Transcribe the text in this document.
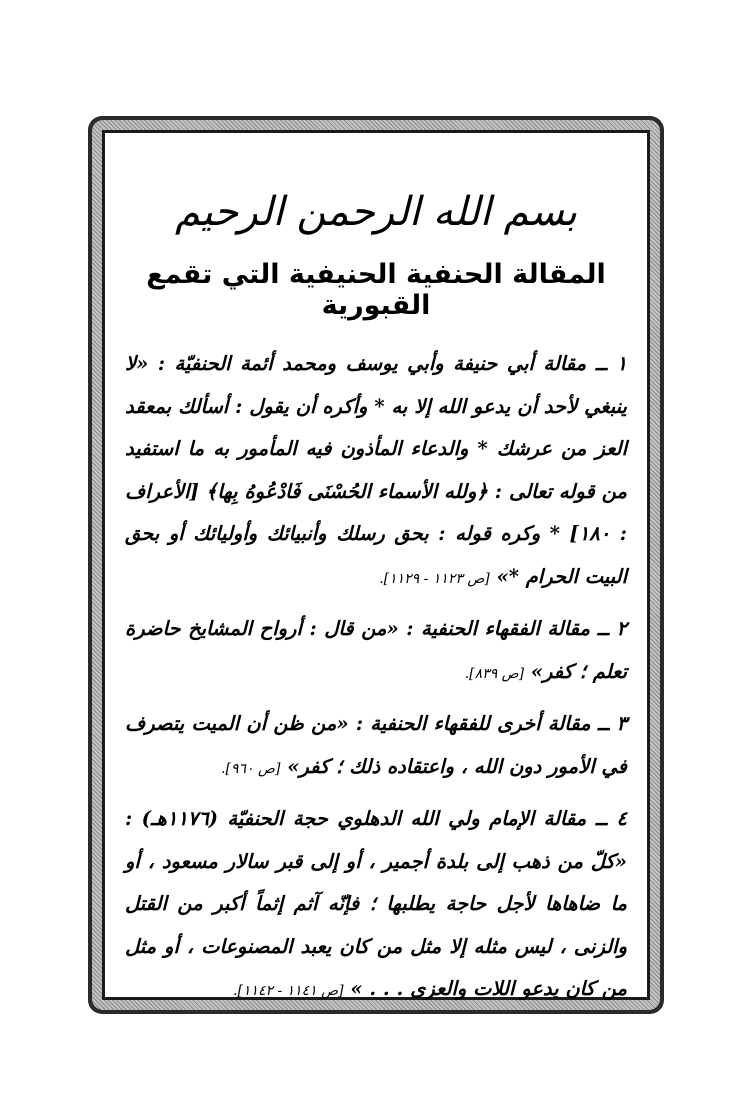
بسم الله الرحمن الرحيم
المقالة الحنفية الحنيفية التي تقمع القبورية

١ ــ مقالة أبي حنيفة وأبي يوسف ومحمد أئمة الحنفيّة : «لا ينبغي لأحد أن يدعو الله إلا به * وأكره أن يقول : أسألك بمعقد العز من عرشك * والدعاء المأذون فيه المأمور به ما استفيد من قوله تعالى : ﴿ولله الأسماء الحُسْنَى فَادْعُوهُ بِها﴾ [الأعراف : ١٨٠] * وكره قوله : بحق رسلك وأنبيائك وأوليائك أو بحق البيت الحرام *» [ص ١١٢٣ - ١١٢٩].

٢ ــ مقالة الفقهاء الحنفية : «من قال : أرواح المشايخ حاضرة تعلم ؛ كفر» [ص ٨٣٩].

٣ ــ مقالة أخرى للفقهاء الحنفية : «من ظن أن الميت يتصرف في الأمور دون الله ، واعتقاده ذلك ؛ كفر» [ص ٩٦٠].

٤ ــ مقالة الإمام ولي الله الدهلوي حجة الحنفيّة (١١٧٦هـ) : «كلّ من ذهب إلى بلدة أجمير ، أو إلى قبر سالار مسعود ، أو ما ضاهاها لأجل حاجة يطلبها ؛ فإنّه آثم إثماً أكبر من القتل والزنى ، ليس مثله إلا مثل من كان يعبد المصنوعات ، أو مثل من كان يدعو اللات والعزى . . . » [ص ١١٤١ - ١١٤٢].
